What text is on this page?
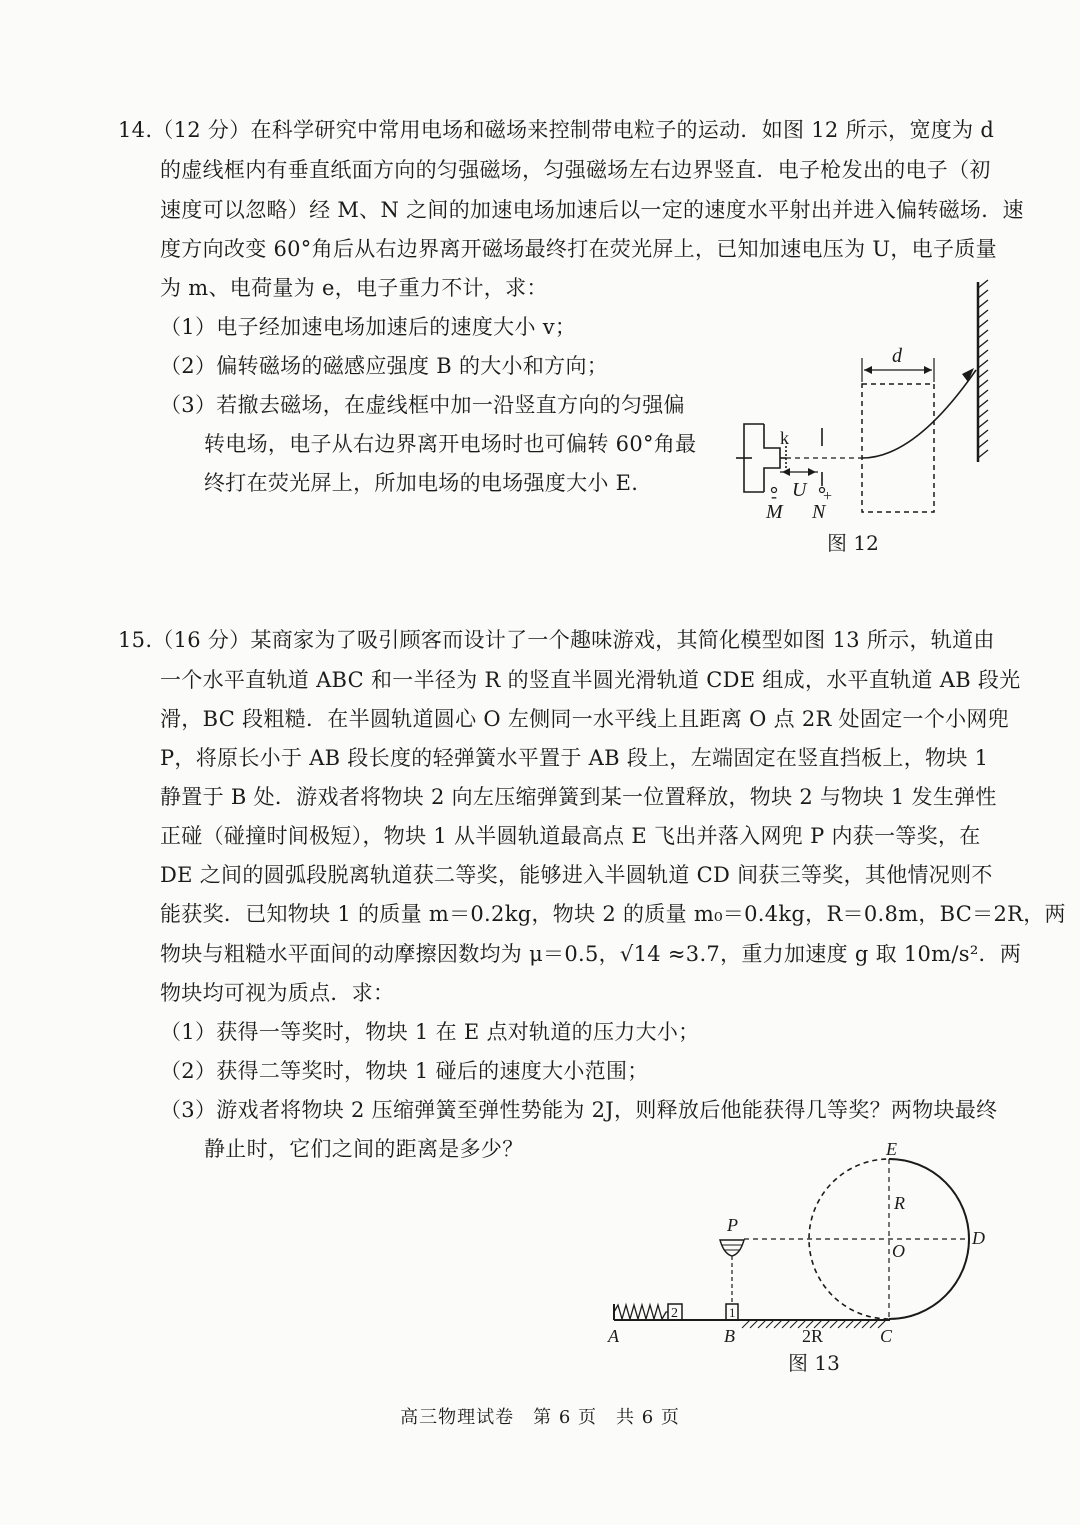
14.（12 分）在科学研究中常用电场和磁场来控制带电粒子的运动．如图 12 所示，宽度为 d
的虚线框内有垂直纸面方向的匀强磁场，匀强磁场左右边界竖直．电子枪发出的电子（初
速度可以忽略）经 M、N 之间的加速电场加速后以一定的速度水平射出并进入偏转磁场．速
度方向改变 60°角后从右边界离开磁场最终打在荧光屏上，已知加速电压为 U，电子质量
为 m、电荷量为 e，电子重力不计，求：
（1）电子经加速电场加速后的速度大小 v；
（2）偏转磁场的磁感应强度 B 的大小和方向；
（3）若撤去磁场，在虚线框中加一沿竖直方向的匀强偏
转电场，电子从右边界离开电场时也可偏转 60°角最
终打在荧光屏上，所加电场的电场强度大小 E.
d
k
U
-	+
M N
图 12
15.（16 分）某商家为了吸引顾客而设计了一个趣味游戏，其简化模型如图 13 所示，轨道由
一个水平直轨道 ABC 和一半径为 R 的竖直半圆光滑轨道 CDE 组成，水平直轨道 AB 段光
滑，BC 段粗糙．在半圆轨道圆心 O 左侧同一水平线上且距离 O 点 2R 处固定一个小网兜
P，将原长小于 AB 段长度的轻弹簧水平置于 AB 段上，左端固定在竖直挡板上，物块 1
静置于 B 处．游戏者将物块 2 向左压缩弹簧到某一位置释放，物块 2 与物块 1 发生弹性
正碰（碰撞时间极短），物块 1 从半圆轨道最高点 E 飞出并落入网兜 P 内获一等奖，在
DE 之间的圆弧段脱离轨道获二等奖，能够进入半圆轨道 CD 间获三等奖，其他情况则不
能获奖．已知物块 1 的质量 m＝0.2kg，物块 2 的质量 m₀＝0.4kg，R＝0.8m，BC＝2R，两
物块与粗糙水平面间的动摩擦因数均为 μ＝0.5，√14 ≈3.7，重力加速度 g 取 10m/s²．两
物块均可视为质点．求：
（1）获得一等奖时，物块 1 在 E 点对轨道的压力大小；
（2）获得二等奖时，物块 1 碰后的速度大小范围；
（3）游戏者将物块 2 压缩弹簧至弹性势能为 2J，则释放后他能获得几等奖？两物块最终
静止时，它们之间的距离是多少？
2	1
A	B	2R	C
D
E
O
R
P
图 13
高三物理试卷　第 6 页　共 6 页
